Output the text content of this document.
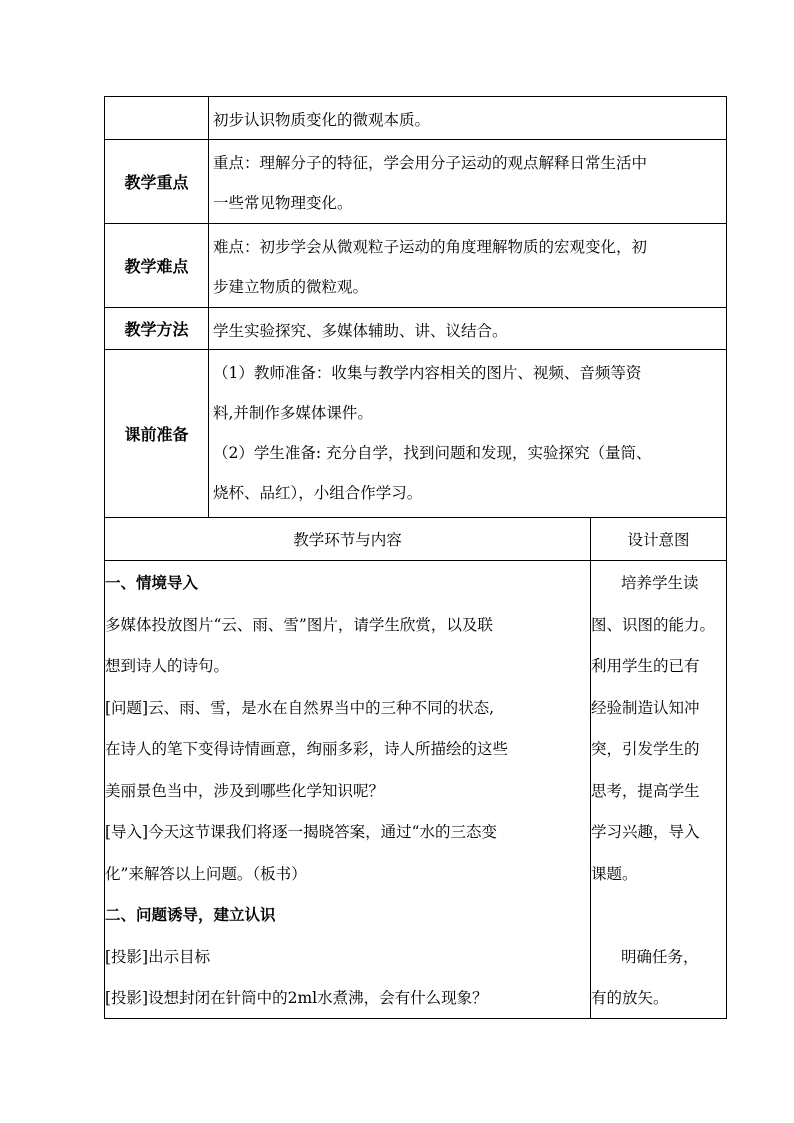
初步认识物质变化的微观本质。

教学重点

重点：理解分子的特征，学会用分子运动的观点解释日常生活中

一些常见物理变化。

教学难点

难点：初步学会从微观粒子运动的角度理解物质的宏观变化，初

步建立物质的微粒观。

教学方法	学生实验探究、多媒体辅助、讲、议结合。

课前准备

（1）教师准备：收集与教学内容相关的图片、视频、音频等资

料,并制作多媒体课件。

（2）学生准备: 充分自学，找到问题和发现，实验探究（量筒、

烧杯、品红），小组合作学习。

教学环节与内容	设计意图

一、情境导入

多媒体投放图片“云、雨、雪”图片，请学生欣赏，以及联

想到诗人的诗句。

[问题]云、雨、雪，是水在自然界当中的三种不同的状态,

在诗人的笔下变得诗情画意，绚丽多彩，诗人所描绘的这些

美丽景色当中，涉及到哪些化学知识呢？

[导入]今天这节课我们将逐一揭晓答案，通过“水的三态变

化”来解答以上问题。（板书）

二、问题诱导，建立认识

[投影]出示目标

[投影]设想封闭在针筒中的2ml水煮沸，会有什么现象？

培养学生读

图、识图的能力。

利用学生的已有

经验制造认知冲

突，引发学生的

思考，提高学生

学习兴趣，导入

课题。

明确任务，

有的放矢。
